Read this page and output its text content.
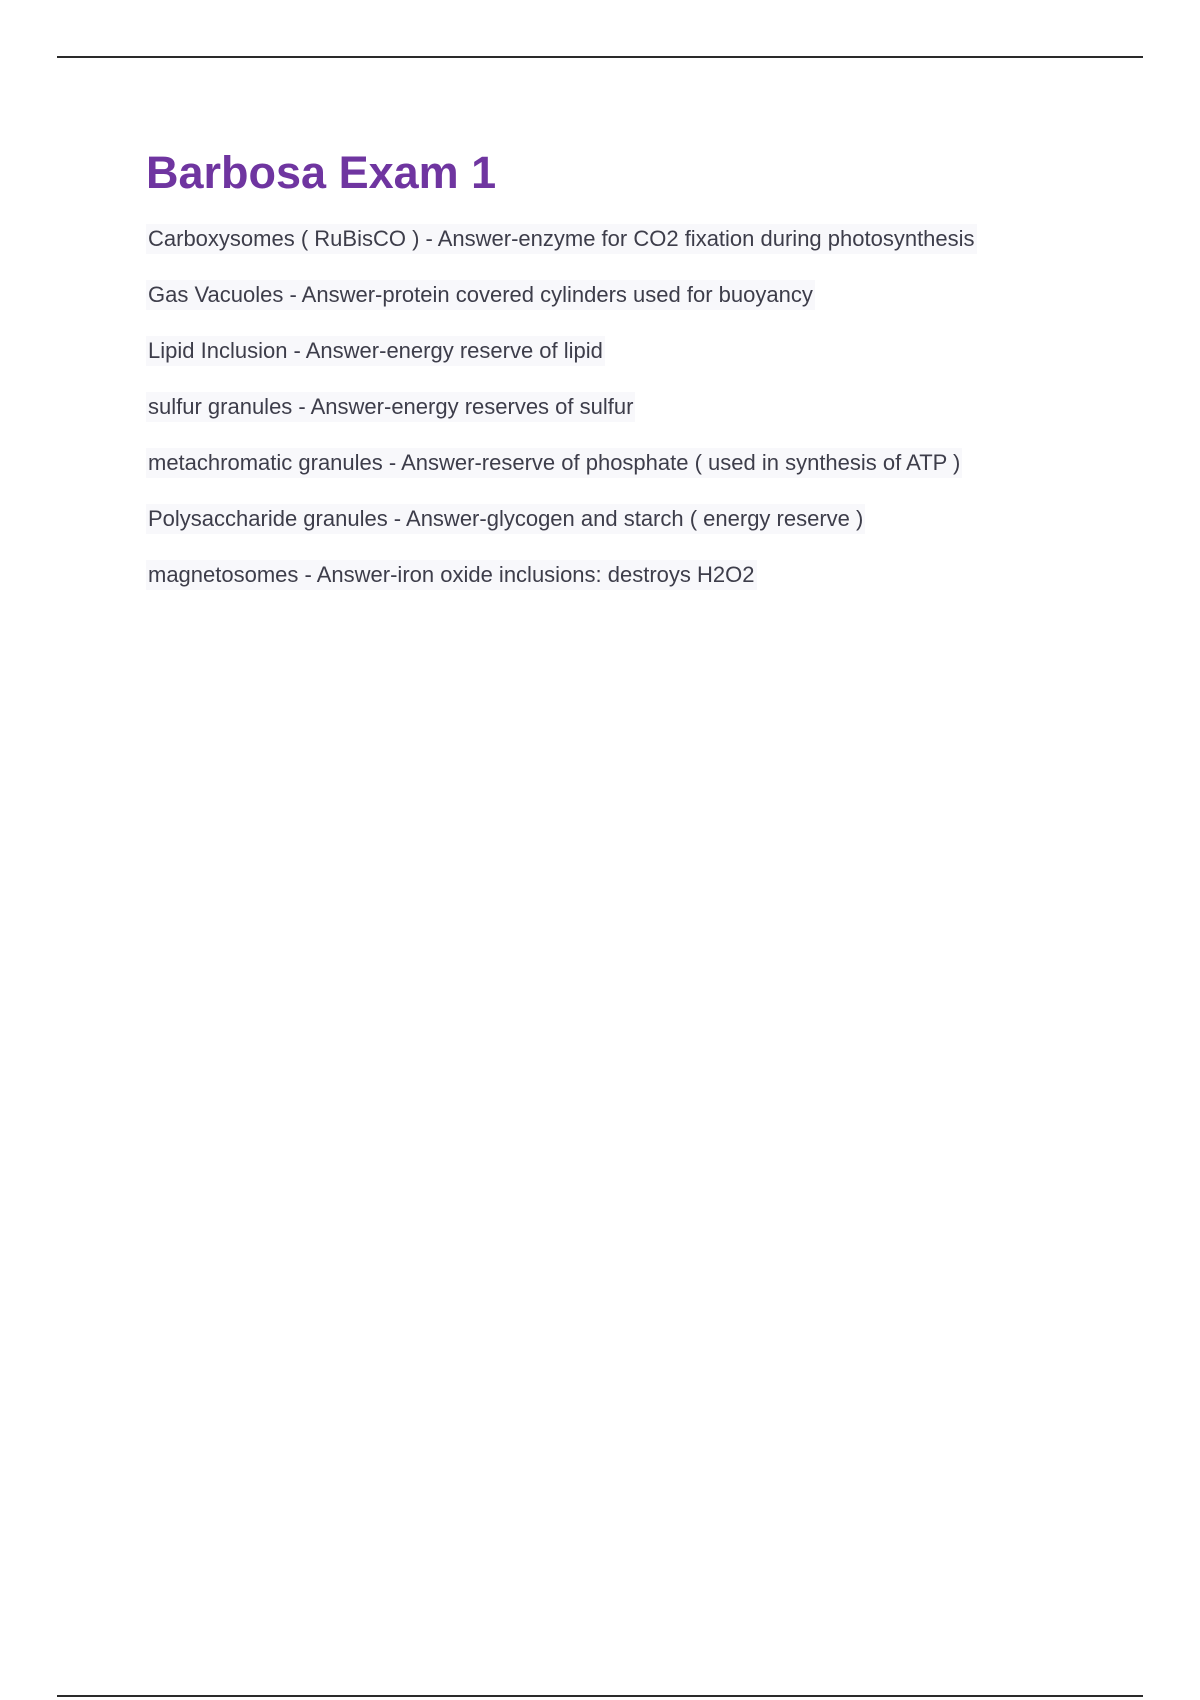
Barbosa Exam 1
Carboxysomes ( RuBisCO ) - Answer-enzyme for CO2 fixation during photosynthesis
Gas Vacuoles - Answer-protein covered cylinders used for buoyancy
Lipid Inclusion - Answer-energy reserve of lipid
sulfur granules - Answer-energy reserves of sulfur
metachromatic granules - Answer-reserve of phosphate ( used in synthesis of ATP )
Polysaccharide granules - Answer-glycogen and starch ( energy reserve )
magnetosomes - Answer-iron oxide inclusions: destroys H2O2
